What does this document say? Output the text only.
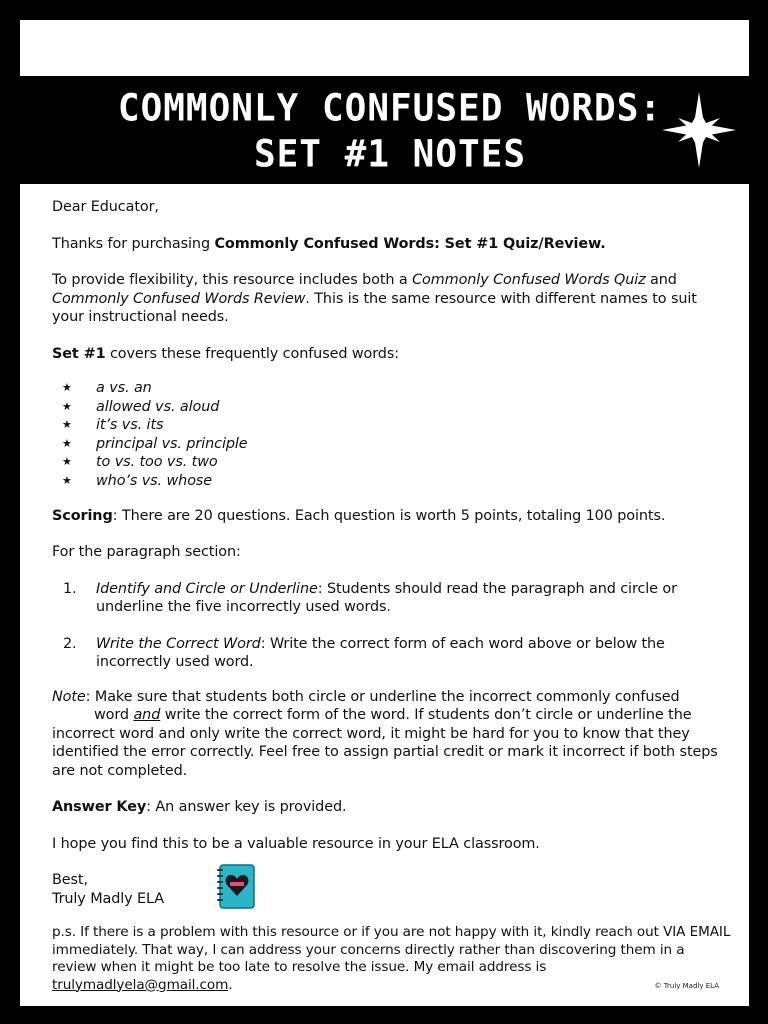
COMMONLY CONFUSED WORDS:
SET #1 NOTES

Dear Educator,

Thanks for purchasing Commonly Confused Words: Set #1 Quiz/Review.

To provide flexibility, this resource includes both a Commonly Confused Words Quiz and
Commonly Confused Words Review. This is the same resource with different names to suit your instructional needs.

Set #1 covers these frequently confused words:

★ a vs. an
★ allowed vs. aloud
★ it’s vs. its
★ principal vs. principle
★ to vs. too vs. two
★ who’s vs. whose

Scoring: There are 20 questions. Each question is worth 5 points, totaling 100 points.

For the paragraph section:

1. Identify and Circle or Underline: Students should read the paragraph and circle or underline the five incorrectly used words.
2. Write the Correct Word: Write the correct form of each word above or below the incorrectly used word.

Note: Make sure that students both circle or underline the incorrect commonly confused

word and write the correct form of the word. If students don’t circle or underline the

incorrect word and only write the correct word, it might be hard for you to know that they identified the error correctly. Feel free to assign partial credit or mark it incorrect if both steps are not completed.

Answer Key: An answer key is provided.

I hope you find this to be a valuable resource in your ELA classroom.

Best,

Truly Madly ELA

p.s. If there is a problem with this resource or if you are not happy with it, kindly reach out VIA EMAIL immediately. That way, I can address your concerns directly rather than discovering them in a review when it might be too late to resolve the issue. My email address is
trulymadlyela@gmail.com.	© Truly Madly ELA
